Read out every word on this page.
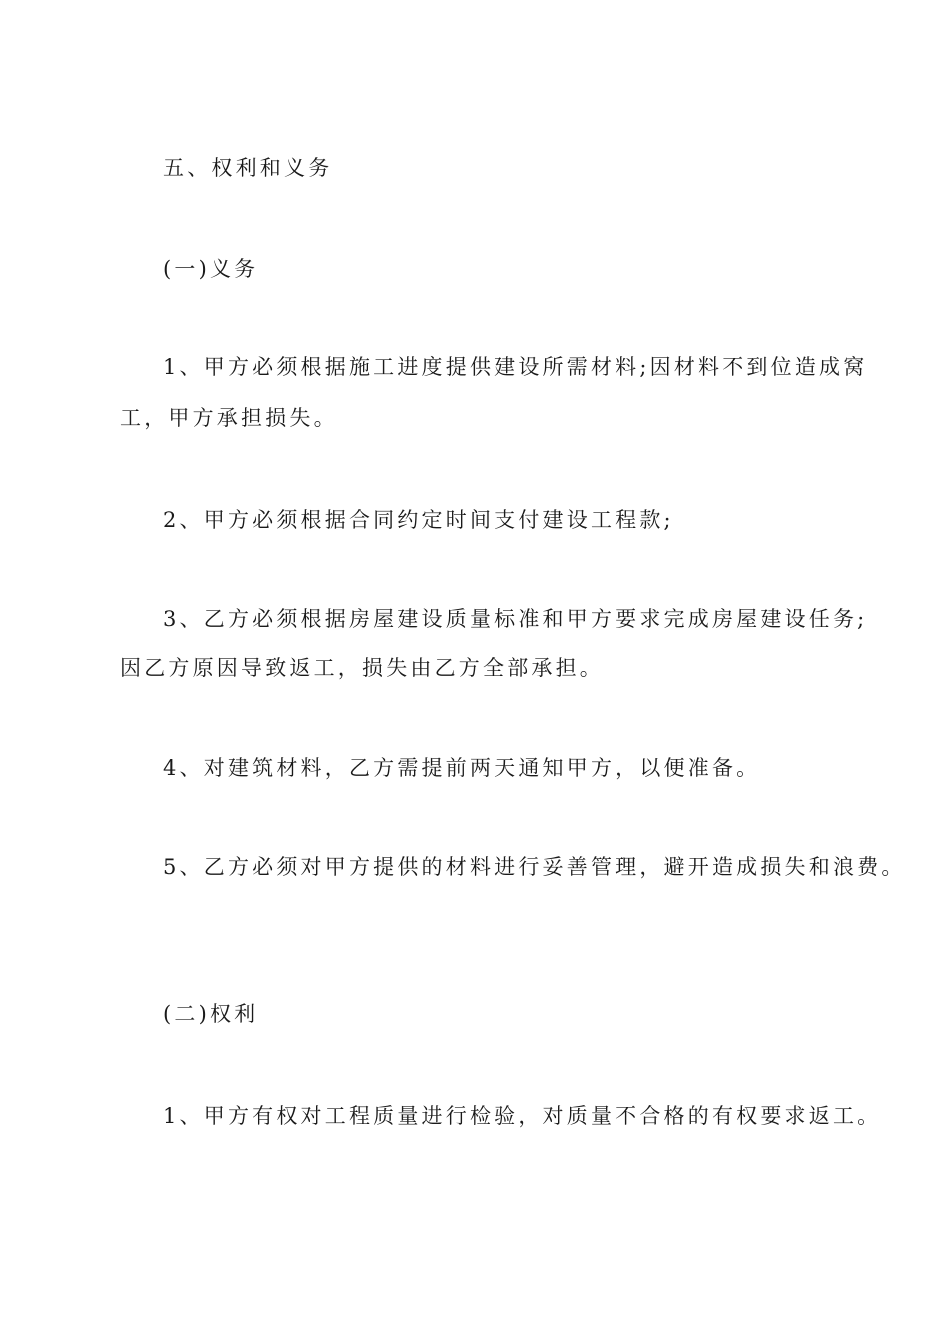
五、权利和义务
(一)义务
1、甲方必须根据施工进度提供建设所需材料;因材料不到位造成窝
工，甲方承担损失。
2、甲方必须根据合同约定时间支付建设工程款;
3、乙方必须根据房屋建设质量标准和甲方要求完成房屋建设任务;
因乙方原因导致返工，损失由乙方全部承担。
4、对建筑材料，乙方需提前两天通知甲方，以便准备。
5、乙方必须对甲方提供的材料进行妥善管理，避开造成损失和浪费。
(二)权利
1、甲方有权对工程质量进行检验，对质量不合格的有权要求返工。
